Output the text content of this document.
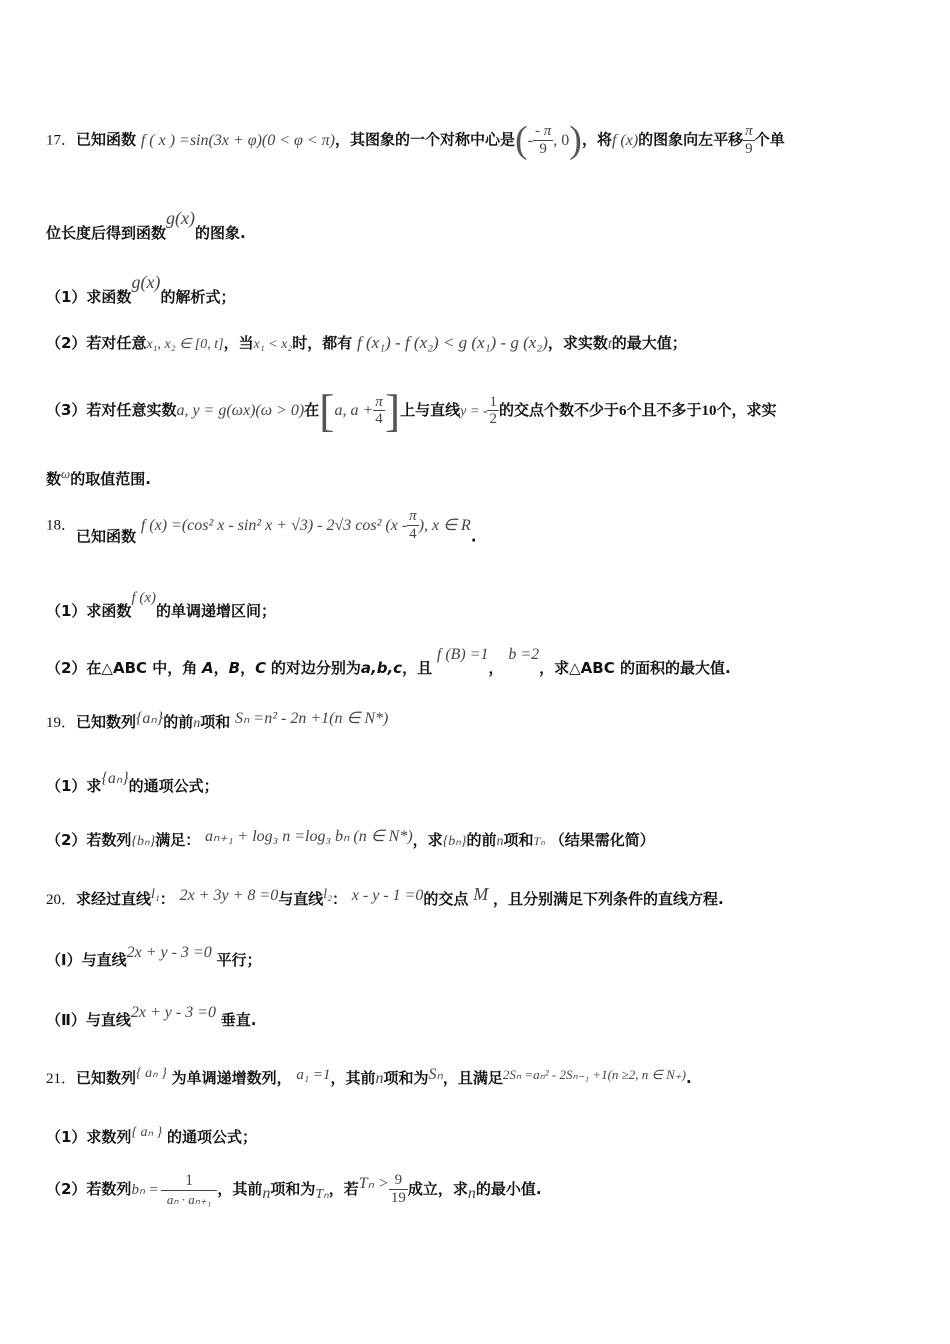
17．已知函数 f ( x ) =sin(3x + φ)(0 < φ < π)，其图象的一个对称中心是(- $\frac{- \pi}{9}$ , 0)，将f (x)的图象向左平移 $\frac{\pi}{9}$ 个单
位长度后得到函数g(x)的图象.
（1）求函数g(x)的解析式；
（2）若对任意x₁, x₂ ∈ [0, t]，当x₁ < x₂时，都有 f (x₁) - f (x₂) < g (x₁) - g (x₂)，求实数t的最大值；
（3）若对任意实数a, y = g(ωx)(ω > 0)在[a, $a + \frac{\pi}{4}$ ]上与直线y = - $\frac{1}{2}$ 的交点个数不少于6个且不多于10个，求实
数ω的取值范围.
18．已知函数 f (x) =(cos² x - sin² x + √3) - 2√3 cos² ($x - \frac{\pi}{4}$ ), x ∈ R.
（1）求函数f (x)的单调递增区间；
（2）在△ABC 中，角 A，B，C 的对边分别为a,b,c，且 f (B) =1， b =2，求△ABC 的面积的最大值.
19．已知数列{aₙ}的前n项和 Sₙ =n² - 2n +1(n ∈ N*)
（1）求{aₙ}的通项公式；
（2）若数列{bₙ}满足： aₙ₊₁ + log₃ n =log₃ bₙ (n ∈ N*)，求{bₙ}的前n项和Tₙ （结果需化简）
20．求经过直线l₁： 2x + 3y + 8 =0与直线l₂： x - y - 1 =0的交点 M ，且分别满足下列条件的直线方程.
（Ⅰ）与直线2x + y - 3 =0 平行；
（Ⅱ）与直线2x + y - 3 =0 垂直.
21．已知数列{ aₙ } 为单调递增数列， a₁ =1，其前n项和为Sₙ，且满足2Sₙ =aₙ² - 2Sₙ₋₁ +1(n ≥2, n ∈ N₊).
（1）求数列{ aₙ } 的通项公式；
（2）若数列$b_n = \frac{1}{\text{aₙ · aₙ₊₁}}$ ，其前n项和为Tₙ，若$T_n > \frac{9}{19}$ 成立，求n的最小值.
